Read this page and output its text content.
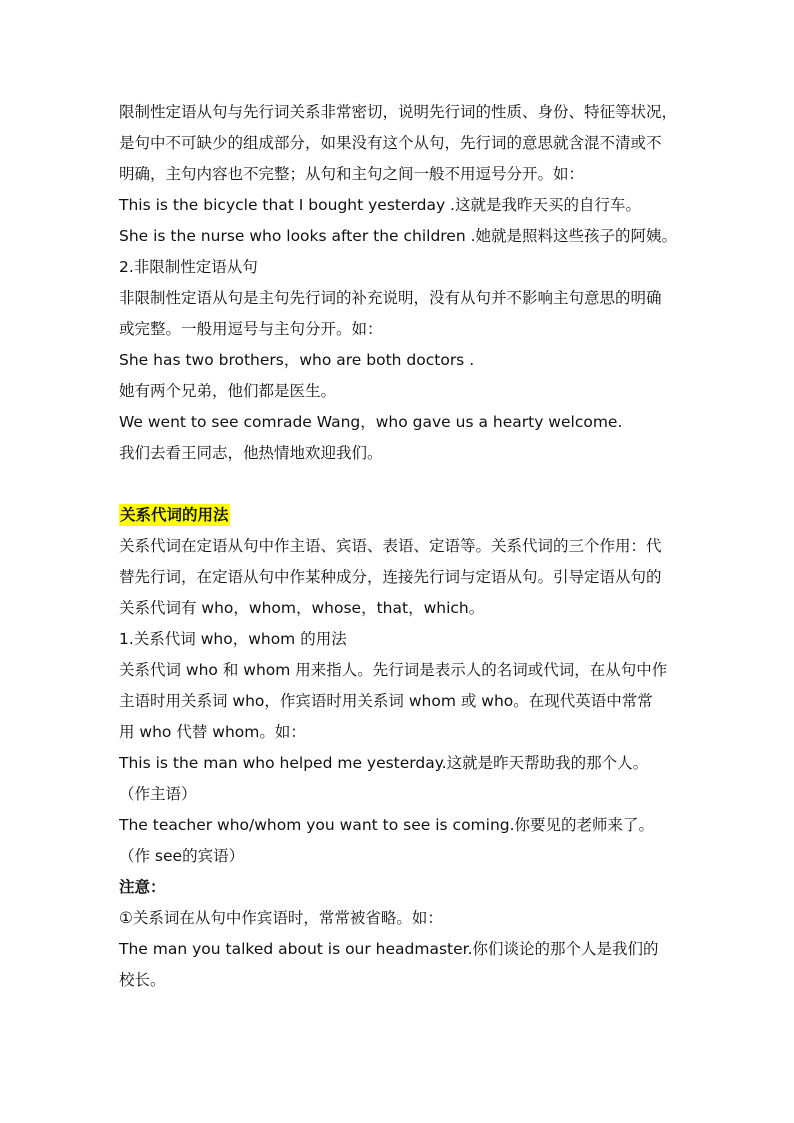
限制性定语从句与先行词关系非常密切，说明先行词的性质、身份、特征等状况，
是句中不可缺少的组成部分，如果没有这个从句，先行词的意思就含混不清或不
明确，主句内容也不完整；从句和主句之间一般不用逗号分开。如：
This is the bicycle that I bought yesterday .这就是我昨天买的自行车。
She is the nurse who looks after the children .她就是照料这些孩子的阿姨。
2.非限制性定语从句
非限制性定语从句是主句先行词的补充说明，没有从句并不影响主句意思的明确
或完整。一般用逗号与主句分开。如：
She has two brothers，who are both doctors .
她有两个兄弟，他们都是医生。
We went to see comrade Wang，who gave us a hearty welcome.
我们去看王同志，他热情地欢迎我们。
关系代词的用法
关系代词在定语从句中作主语、宾语、表语、定语等。关系代词的三个作用：代
替先行词，在定语从句中作某种成分，连接先行词与定语从句。引导定语从句的
关系代词有 who，whom，whose，that，which。
1.关系代词 who，whom 的用法
关系代词 who 和 whom 用来指人。先行词是表示人的名词或代词，在从句中作
主语时用关系词 who，作宾语时用关系词 whom 或 who。在现代英语中常常
用 who 代替 whom。如：
This is the man who helped me yesterday.这就是昨天帮助我的那个人。
（作主语）
The teacher who/whom you want to see is coming.你要见的老师来了。
（作 see的宾语）
注意：
①关系词在从句中作宾语时，常常被省略。如：
The man you talked about is our headmaster.你们谈论的那个人是我们的
校长。
